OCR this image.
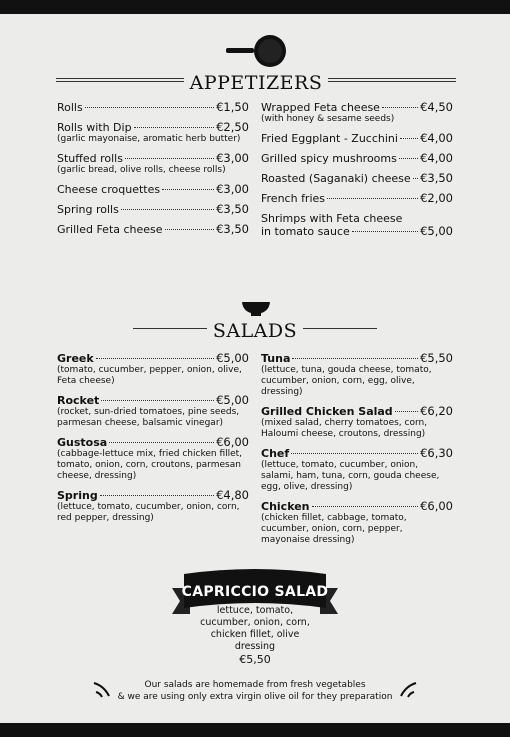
APPETIZERS
Rolls	€1,50
Rolls with Dip	€2,50
(garlic mayonaise, aromatic herb butter)
Stuffed rolls	€3,00
(garlic bread, olive rolls, cheese rolls)
Cheese croquettes	€3,00
Spring rolls	€3,50
Grilled Feta cheese	€3,50
Wrapped Feta cheese	€4,50
(with honey & sesame seeds)
Fried Eggplant - Zucchini €4,00
Grilled spicy mushrooms €4,00
Roasted (Saganaki) cheese €3,50
French fries	€2,00
Shrimps with Feta cheese
in tomato sauce	€5,00
SALADS
Greek	€5,00
(tomato, cucumber, pepper, onion, olive, Feta cheese)
Rocket	€5,00
(rocket, sun-dried tomatoes, pine seeds, parmesan cheese, balsamic vinegar)
Gustosa	€6,00
(cabbage-lettuce mix, fried chicken fillet, tomato, onion, corn, croutons, parmesan cheese, dressing)
Spring	€4,80
(lettuce, tomato, cucumber, onion, corn, red pepper, dressing)
Tuna	€5,50
(lettuce, tuna, gouda cheese, tomato, cucumber, onion, corn, egg, olive, dressing)
Grilled Chicken Salad €6,20
(mixed salad, cherry tomatoes, corn, Haloumi cheese, croutons, dressing)
Chef	€6,30
(lettuce, tomato, cucumber, onion, salami, ham, tuna, corn, gouda cheese, egg, olive, dressing)
Chicken	€6,00
(chicken fillet, cabbage, tomato, cucumber, onion, corn, pepper, mayonaise dressing)
CAPRICCIO SALAD
lettuce, tomato, cucumber, onion, corn, chicken fillet, olive dressing
€5,50
Our salads are homemade from fresh vegetables
& we are using only extra virgin olive oil for they preparation
